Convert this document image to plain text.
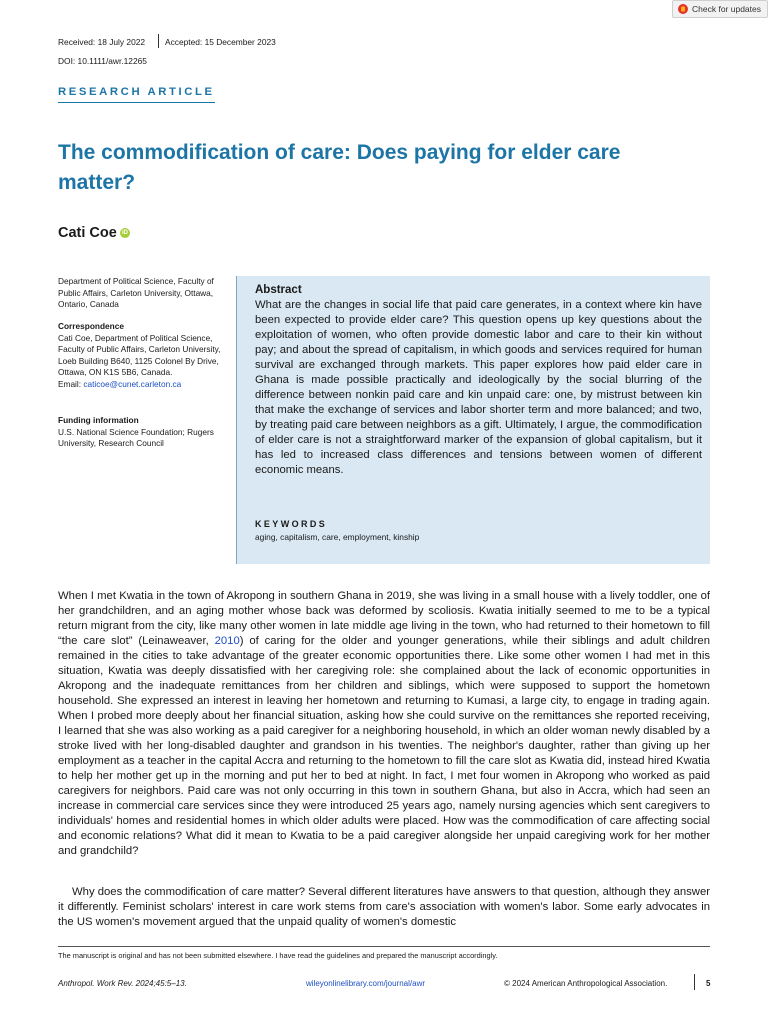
Check for updates
Received: 18 July 2022 Accepted: 15 December 2023
DOI: 10.1111/awr.12265
RESEARCH ARTICLE
The commodification of care: Does paying for elder care matter?
Cati Coe iD
Department of Political Science, Faculty of Public Affairs, Carleton University, Ottawa, Ontario, Canada
Correspondence
Cati Coe, Department of Political Science, Faculty of Public Affairs, Carleton University, Loeb Building B640, 1125 Colonel By Drive, Ottawa, ON K1S 5B6, Canada.
Email: caticoe@cunet.carleton.ca
Funding information
U.S. National Science Foundation; Rugers University, Research Council
Abstract
What are the changes in social life that paid care generates, in a context where kin have been expected to provide elder care? This question opens up key questions about the exploitation of women, who often provide domestic labor and care to their kin without pay; and about the spread of capitalism, in which goods and services required for human survival are exchanged through markets. This paper explores how paid elder care in Ghana is made possible practically and ideologically by the social blurring of the difference between nonkin paid care and kin unpaid care: one, by mistrust between kin that make the exchange of services and labor shorter term and more balanced; and two, by treating paid care between neighbors as a gift. Ultimately, I argue, the commodification of elder care is not a straightforward marker of the expansion of global capitalism, but it has led to increased class differences and tensions between women of different economic means.
KEYWORDS
aging, capitalism, care, employment, kinship
When I met Kwatia in the town of Akropong in southern Ghana in 2019, she was living in a small house with a lively toddler, one of her grandchildren, and an aging mother whose back was deformed by scoliosis. Kwatia initially seemed to me to be a typical return migrant from the city, like many other women in late middle age living in the town, who had returned to their hometown to fill “the care slot” (Leinaweaver, 2010) of caring for the older and younger generations, while their siblings and adult children remained in the cities to take advantage of the greater economic opportunities there. Like some other women I had met in this situation, Kwatia was deeply dissatisfied with her caregiving role: she complained about the lack of economic opportunities in Akropong and the inadequate remittances from her children and siblings, which were supposed to support the hometown household. She expressed an interest in leaving her hometown and returning to Kumasi, a large city, to engage in trading again. When I probed more deeply about her financial situation, asking how she could survive on the remittances she reported receiving, I learned that she was also working as a paid caregiver for a neighboring household, in which an older woman newly disabled by a stroke lived with her long-disabled daughter and grandson in his twenties. The neighbor's daughter, rather than giving up her employment as a teacher in the capital Accra and returning to the hometown to fill the care slot as Kwatia did, instead hired Kwatia to help her mother get up in the morning and put her to bed at night. In fact, I met four women in Akropong who worked as paid caregivers for neighbors. Paid care was not only occurring in this town in southern Ghana, but also in Accra, which had seen an increase in commercial care services since they were introduced 25 years ago, namely nursing agencies which sent caregivers to individuals' homes and residential homes in which older adults were placed. How was the commodification of care affecting social and economic relations? What did it mean to Kwatia to be a paid caregiver alongside her unpaid caregiving work for her mother and grandchild?
Why does the commodification of care matter? Several different literatures have answers to that question, although they answer it differently. Feminist scholars' interest in care work stems from care's association with women's labor. Some early advocates in the US women's movement argued that the unpaid quality of women's domestic
The manuscript is original and has not been submitted elsewhere. I have read the guidelines and prepared the manuscript accordingly.
Anthropol. Work Rev. 2024;45:5–13.	wileyonlinelibrary.com/journal/awr	© 2024 American Anthropological Association.	5
